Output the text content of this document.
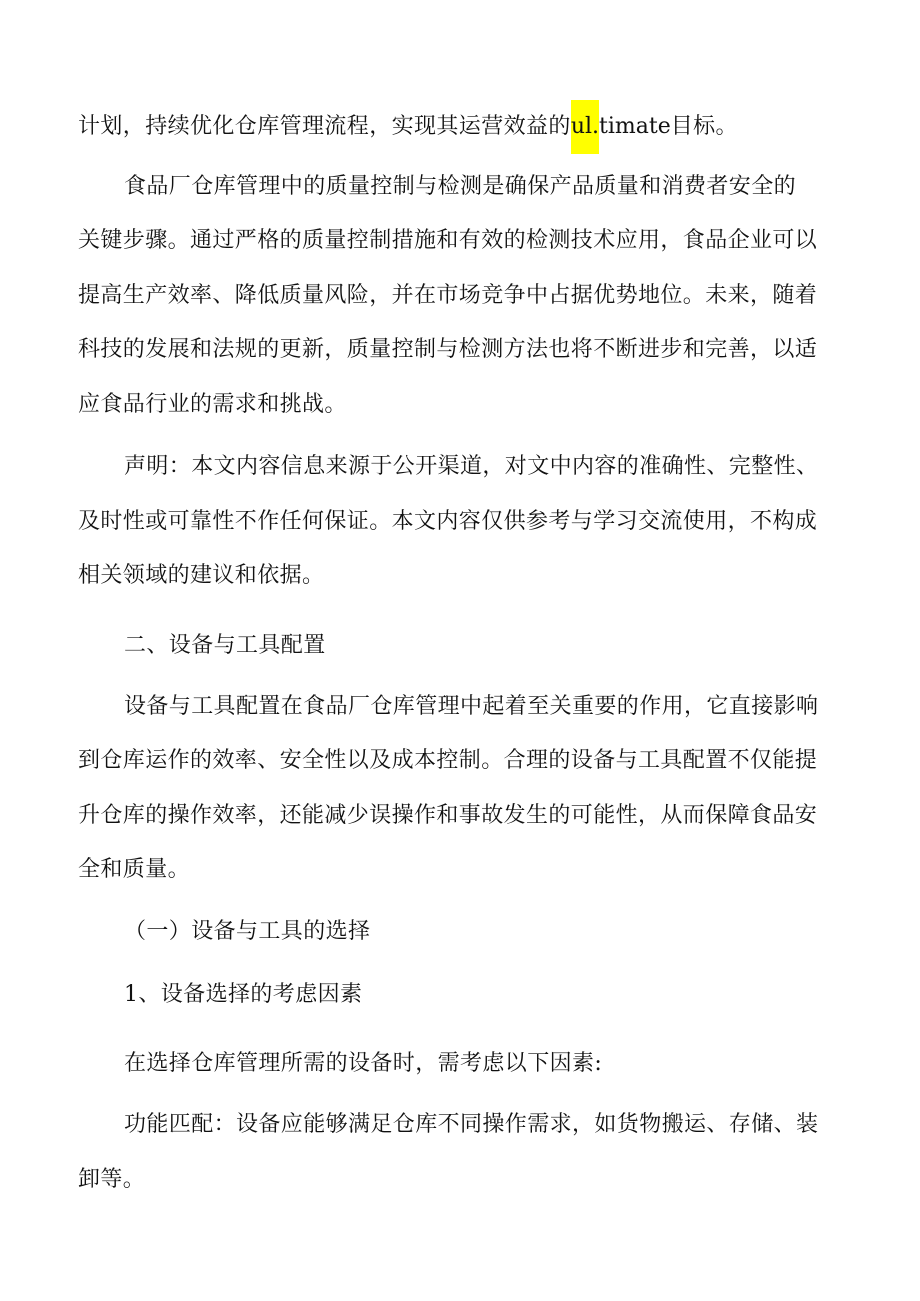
计划，持续优化仓库管理流程，实现其运营效益的ul.timate目标。
食品厂仓库管理中的质量控制与检测是确保产品质量和消费者安全的
关键步骤。通过严格的质量控制措施和有效的检测技术应用，食品企业可以
提高生产效率、降低质量风险，并在市场竞争中占据优势地位。未来，随着
科技的发展和法规的更新，质量控制与检测方法也将不断进步和完善，以适
应食品行业的需求和挑战。
声明：本文内容信息来源于公开渠道，对文中内容的准确性、完整性、
及时性或可靠性不作任何保证。本文内容仅供参考与学习交流使用，不构成
相关领域的建议和依据。
二、设备与工具配置
设备与工具配置在食品厂仓库管理中起着至关重要的作用，它直接影响
到仓库运作的效率、安全性以及成本控制。合理的设备与工具配置不仅能提
升仓库的操作效率，还能减少误操作和事故发生的可能性，从而保障食品安
全和质量。
（一）设备与工具的选择
1、设备选择的考虑因素
在选择仓库管理所需的设备时，需考虑以下因素:
功能匹配：设备应能够满足仓库不同操作需求，如货物搬运、存储、装
卸等。
